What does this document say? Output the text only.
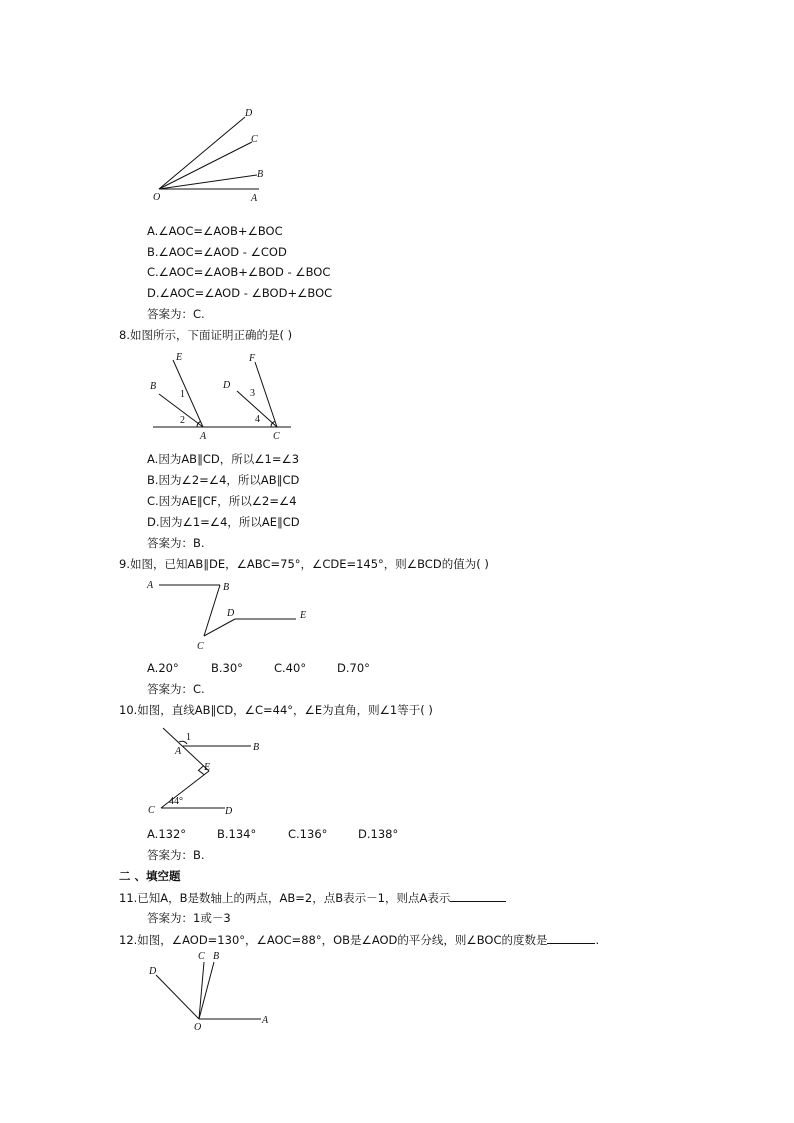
D
C
B
O	A
A.∠AOC=∠AOB+∠BOC
B.∠AOC=∠AOD - ∠COD
C.∠AOC=∠AOB+∠BOD - ∠BOC
D.∠AOC=∠AOD - ∠BOD+∠BOC
答案为：C.
8.如图所示，下面证明正确的是( )
E
B
1
2
A
F
D
3
4
C
A.因为AB∥CD，所以∠1=∠3
B.因为∠2=∠4，所以AB∥CD
C.因为AE∥CF，所以∠2=∠4
D.因为∠1=∠4，所以AE∥CD
答案为：B.
9.如图，已知AB∥DE，∠ABC=75°，∠CDE=145°，则∠BCD的值为( )
A	B
D	E
C
A.20°	B.30°	C.40°	D.70°
答案为：C.
10.如图，直线AB∥CD，∠C=44°，∠E为直角，则∠1等于( )
1
A	B
E
44°
C	D
A.132°	B.134°	C.136°	D.138°
答案为：B.
二 、填空题
11.已知A，B是数轴上的两点，AB=2，点B表示－1，则点A表示
答案为：1或－3
12.如图，∠AOD=130°，∠AOC=88°，OB是∠AOD的平分线，则∠BOC的度数是	.
C B
D
O
A
